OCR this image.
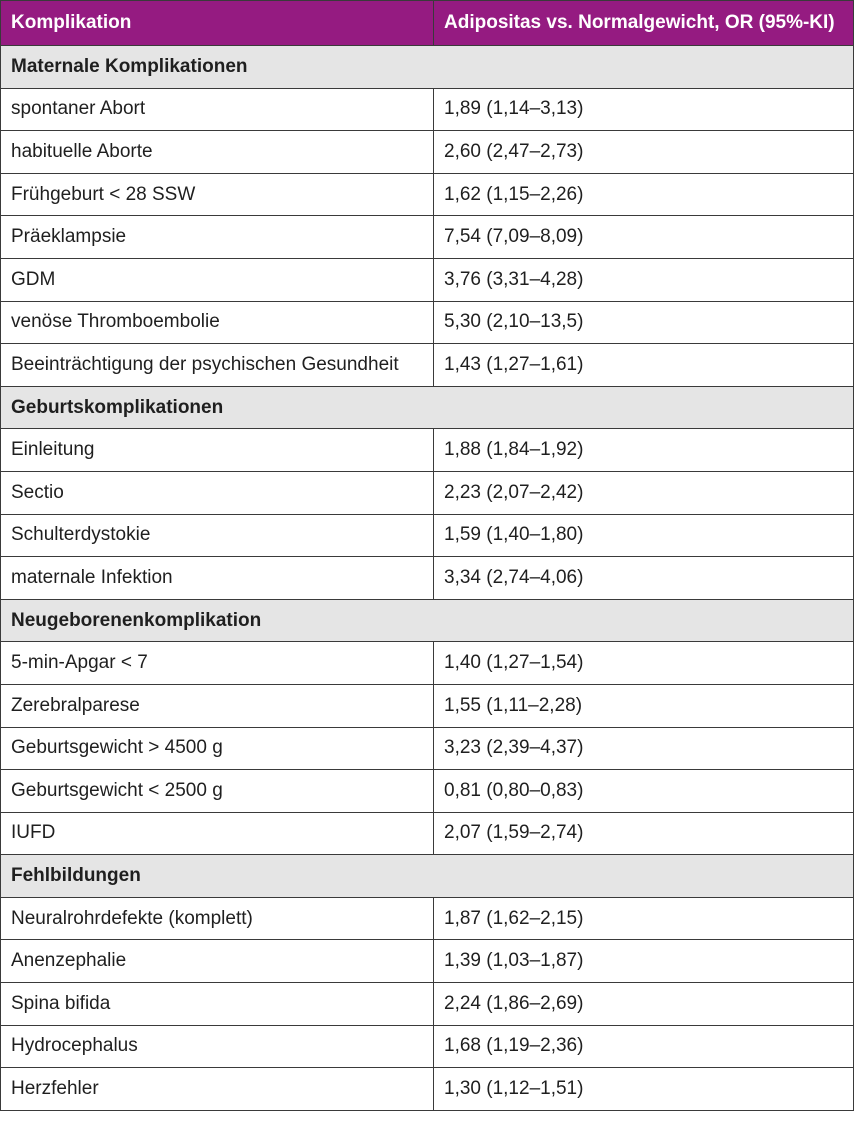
Komplikation	Adipositas vs. Normalgewicht, OR (95%-KI)
Maternale Komplikationen	
spontaner Abort	1,89 (1,14–3,13)
habituelle Aborte	2,60 (2,47–2,73)
Frühgeburt < 28 SSW	1,62 (1,15–2,26)
Präeklampsie	7,54 (7,09–8,09)
GDM	3,76 (3,31–4,28)
venöse Thromboembolie	5,30 (2,10–13,5)
Beeinträchtigung der psychischen Gesundheit	1,43 (1,27–1,61)
Geburtskomplikationen	
Einleitung	1,88 (1,84–1,92)
Sectio	2,23 (2,07–2,42)
Schulterdystokie	1,59 (1,40–1,80)
maternale Infektion	3,34 (2,74–4,06)
Neugeborenenkomplikation	
5-min-Apgar < 7	1,40 (1,27–1,54)
Zerebralparese	1,55 (1,11–2,28)
Geburtsgewicht > 4500 g	3,23 (2,39–4,37)
Geburtsgewicht < 2500 g	0,81 (0,80–0,83)
IUFD	2,07 (1,59–2,74)
Fehlbildungen	
Neuralrohrdefekte (komplett)	1,87 (1,62–2,15)
Anenzephalie	1,39 (1,03–1,87)
Spina bifida	2,24 (1,86–2,69)
Hydrocephalus	1,68 (1,19–2,36)
Herzfehler	1,30 (1,12–1,51)
